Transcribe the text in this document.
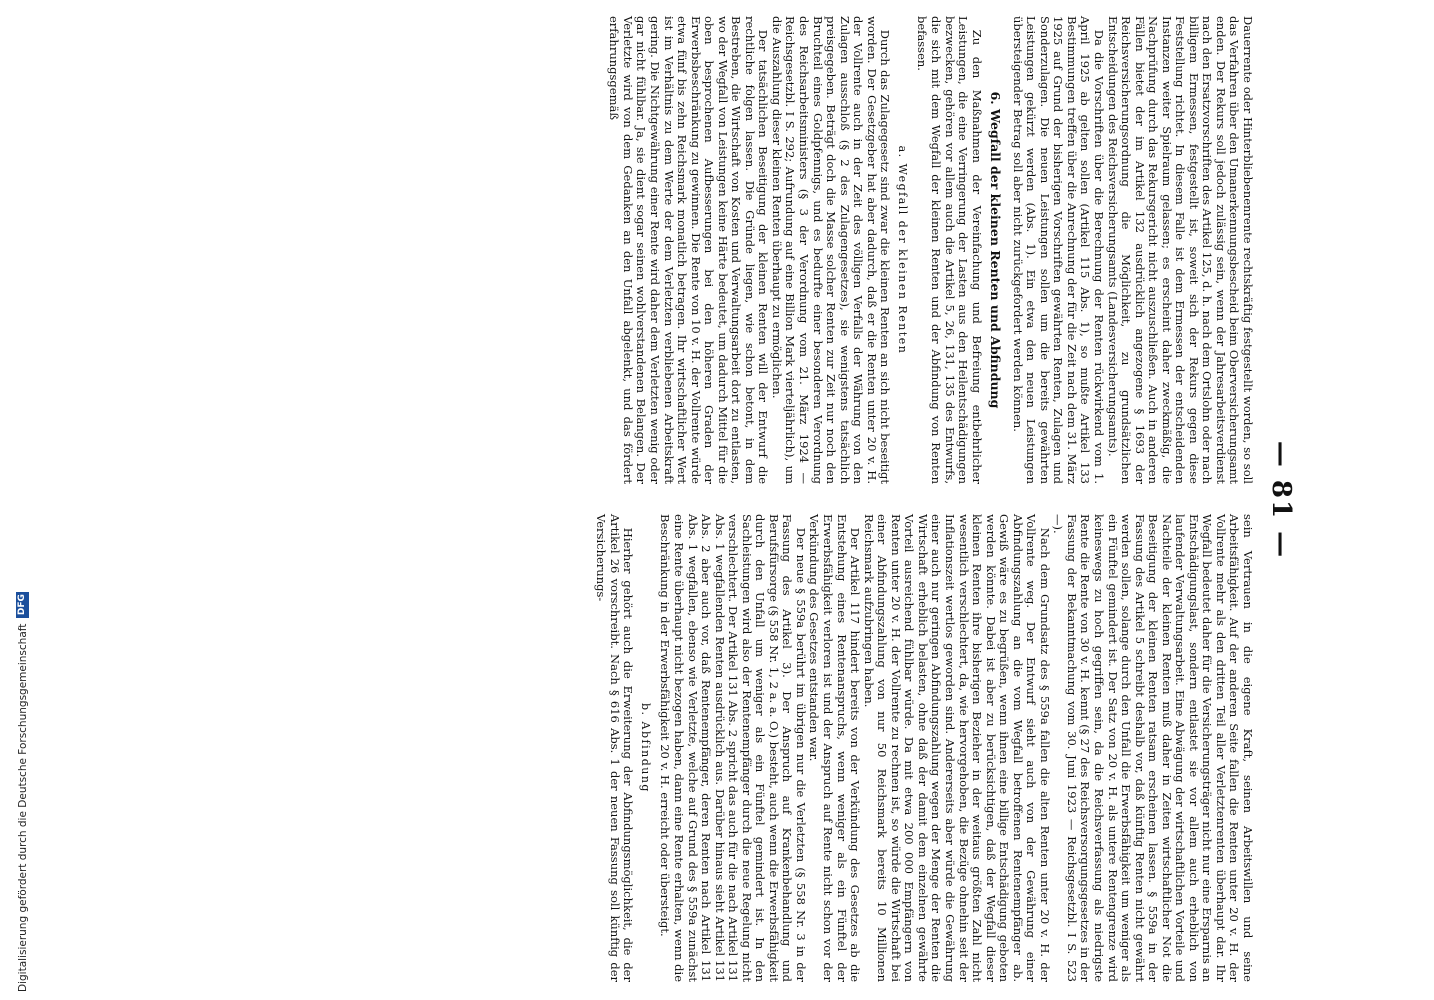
— 81 —

Dauerrente oder Hinterbliebenenrente rechtskräftig festgestellt worden, so soll das Verfahren über den Umanerkennungsbescheid beim Oberversicherungsamt enden. Der Rekurs soll jedoch zulässig sein, wenn der Jahresarbeitsverdienst nach den Ersatzvorschriften des Artikel 125, d. h. nach dem Ortslohn oder nach billigem Ermessen, festgestellt ist, soweit sich der Rekurs gegen diese Feststellung richtet. In diesem Falle ist dem Ermessen der entscheidenden Instanzen weiter Spielraum gelassen; es erscheint daher zweckmäßig, die Nachprüfung durch das Rekursgericht nicht auszuschließen. Auch in anderen Fällen bietet der im Artikel 132 ausdrücklich angezogene § 1693 der Reichsversicherungsordnung die Möglichkeit, zu grundsätzlichen Entscheidungen des Reichsversicherungsamts (Landesversicherungsamts).

Da die Vorschriften über die Berechnung der Renten rückwirkend vom 1. April 1925 ab gelten sollen (Artikel 115 Abs. 1), so mußte Artikel 133 Bestimmungen treffen über die Anrechnung der für die Zeit nach dem 31. März 1925 auf Grund der bisherigen Vorschriften gewährten Renten, Zulagen und Sonderzulagen. Die neuen Leistungen sollen um die bereits gewährten Leistungen gekürzt werden (Abs. 1). Ein etwa den neuen Leistungen übersteigender Betrag soll aber nicht zurückgefordert werden können.

6. Wegfall der kleinen Renten und Abfindung

Zu den Maßnahmen der Vereinfachung und Befreiung entbehrlicher Leistungen, die eine Verringerung der Lasten aus den Heilentschädigungen bezwecken, gehören vor allem auch die Artikel 5, 26, 131, 135 des Entwurfs, die sich mit dem Wegfall der kleinen Renten und der Abfindung von Renten befassen.

a. Wegfall der kleinen Renten

Durch das Zulagegesetz sind zwar die kleinen Renten an sich nicht beseitigt worden. Der Gesetzgeber hat aber dadurch, daß er die Renten unter 20 v. H. der Vollrente auch in der Zeit des völligen Verfalls der Währung von den Zulagen ausschloß (§ 2 des Zulagengesetzes), sie wenigstens tatsächlich preisgegeben. Beträgt doch die Masse solcher Renten zur Zeit nur noch den Bruchteil eines Goldpfennigs, und es bedurfte einer besonderen Verordnung des Reichsarbeitsministers (§ 3 der Verordnung vom 21. März 1924 — Reichsgesetzbl. I S. 292; Aufrundung auf eine Billion Mark vierteljährlich), um die Auszahlung dieser kleinen Renten überhaupt zu ermöglichen.

Der tatsächlichen Beseitigung der kleinen Renten will der Entwurf die rechtliche folgen lassen. Die Gründe liegen, wie schon betont, in dem Bestreben, die Wirtschaft von Kosten und Verwaltungsarbeit dort zu entlasten, wo der Wegfall von Leistungen keine Härte bedeutet, um dadurch Mittel für die oben besprochenen Aufbesserungen bei den höheren Graden der Erwerbsbeschränkung zu gewinnen. Die Rente von 10 v. H. der Vollrente würde etwa fünf bis zehn Reichsmark monatlich betragen. Ihr wirtschaftlicher Wert ist im Verhältnis zu dem Werte der dem Verletzten verbliebenen Arbeitskraft gering. Die Nichtgewährung einer Rente wird daher dem Verletzten wenig oder gar nicht fühlbar. Ja, sie dient sogar seinen wohlverstandenen Belangen. Der Verletzte wird von dem Gedanken an den Unfall abgelenkt, und das fördert erfahrungsgemäß

sein Vertrauen in die eigene Kraft, seinen Arbeitswillen und seine Arbeitsfähigkeit. Auf der anderen Seite fallen die Renten unter 20 v. H. der Vollrente mehr als den dritten Teil aller Verletztenrenten überhaupt dar. Ihr Wegfall bedeutet daher für die Versicherungsträger nicht nur eine Ersparnis an Entschädigungslast, sondern entlastet sie vor allem auch erheblich von laufender Verwaltungsarbeit. Eine Abwägung der wirtschaftlichen Vorteile und Nachteile der kleinen Renten muß daher in Zeiten wirtschaftlicher Not die Beseitigung der kleinen Renten ratsam erscheinen lassen. § 559a in der Fassung des Artikel 5 schreibt deshalb vor, daß künftig Renten nicht gewährt werden sollen, solange durch den Unfall die Erwerbsfähigkeit um weniger als ein Fünftel gemindert ist. Der Satz von 20 v. H. als untere Rentengrenze wird keineswegs zu hoch gegriffen sein, da die Reichsverfassung als niedrigste Rente die Rente von 30 v. H. kennt (§ 27 des Reichsversorgungsgesetzes in der Fassung der Bekanntmachung vom 30. Juni 1923 — Reichsgesetzbl. I S. 523 —).

Nach dem Grundsatz des § 559a fallen die alten Renten unter 20 v. H. der Vollrente weg. Der Entwurf sieht auch von der Gewährung einer Abfindungszahlung an die vom Wegfall betroffenen Rentenempfänger ab. Gewiß wäre es zu begrüßen, wenn ihnen eine billige Entschädigung geboten werden könnte. Dabei ist aber zu berücksichtigen, daß der Wegfall dieser kleinen Renten ihre bisherigen Bezieher in der weitaus größten Zahl nicht wesentlich verschlechtert, da, wie hervorgehoben, die Bezüge ohnehin seit der Inflationszeit wertlos geworden sind. Andererseits aber würde die Gewährung einer auch nur geringen Abfindungszahlung wegen der Menge der Renten die Wirtschaft erheblich belasten, ohne daß der damit dem einzelnen gewährte Vorteil ausreichend fühlbar würde. Da mit etwa 200 000 Empfängern von Renten unter 20 v. H. der Vollrente zu rechnen ist, so würde die Wirtschaft bei einer Abfindungszahlung von nur 50 Reichsmark bereits 10 Millionen Reichsmark aufzubringen haben.

Der Artikel 117 hindert bereits von der Verkündung des Gesetzes ab die Entstehung eines Rentenanspruchs, wenn weniger als ein Fünftel der Erwerbsfähigkeit verloren ist und der Anspruch auf Rente nicht schon vor der Verkündung des Gesetzes entstanden war.

Der neue § 559a berührt im übrigen nur die Verletzten (§ 558 Nr. 3 in der Fassung des Artikel 3). Der Anspruch auf Krankenbehandlung und Berufsfürsorge (§ 558 Nr. 1, 2 a. a. O.) besteht, auch wenn die Erwerbsfähigkeit durch den Unfall um weniger als ein Fünftel gemindert ist. In den Sachleistungen wird also der Rentenempfänger durch die neue Regelung nicht verschlechtert. Der Artikel 131 Abs. 2 spricht das auch für die nach Artikel 131 Abs. 1 wegfallenden Renten ausdrücklich aus. Darüber hinaus sieht Artikel 131 Abs. 2 aber auch vor, daß Rentenempfänger, deren Renten nach Artikel 131 Abs. 1 wegfallen, ebenso wie Verletzte, welche auf Grund des § 559a zunächst eine Rente überhaupt nicht bezogen haben, dann eine Rente erhalten, wenn die Beschränkung in der Erwerbsfähigkeit 20 v. H. erreicht oder übersteigt.

b. Abfindung

Hierher gehört auch die Erweiterung der Abfindungsmöglichkeit, die der Artikel 26 vorschreibt. Nach § 616 Abs. 1 der neuen Fassung soll künftig der Versicherungs-

Digitalisierung gefördert durch die Deutsche Forschungsgemeinschaft
DFG
